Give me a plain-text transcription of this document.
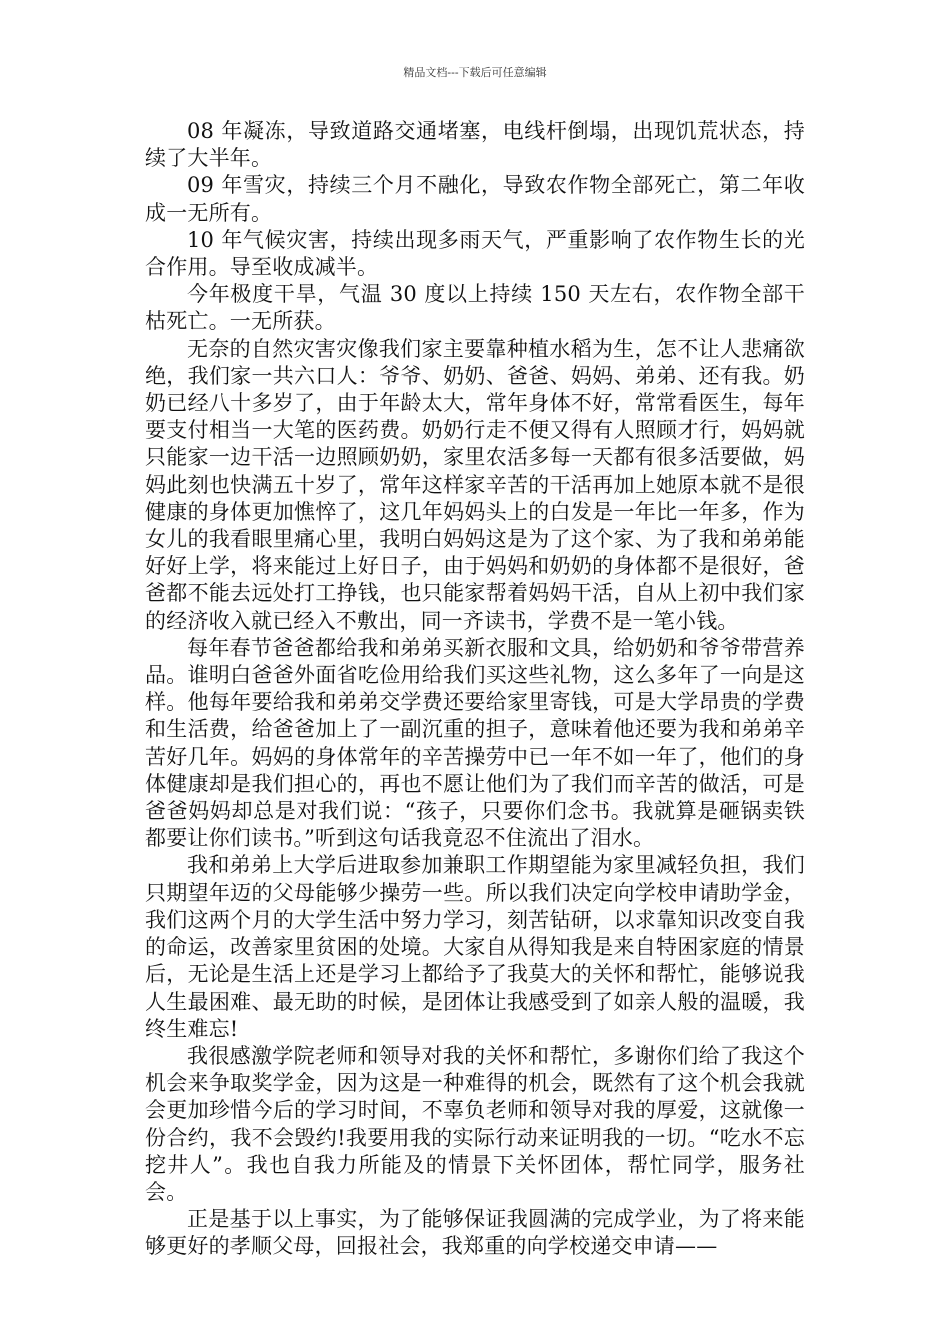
精品文档---下载后可任意编辑

08 年凝冻，导致道路交通堵塞，电线杆倒塌，出现饥荒状态，持续了大半年。

09 年雪灾，持续三个月不融化，导致农作物全部死亡，第二年收成一无所有。

10 年气候灾害，持续出现多雨天气，严重影响了农作物生长的光合作用。导至收成减半。

今年极度干旱，气温 30 度以上持续 150 天左右，农作物全部干枯死亡。一无所获。

无奈的自然灾害灾像我们家主要靠种植水稻为生，怎不让人悲痛欲绝，我们家一共六口人：爷爷、奶奶、爸爸、妈妈、弟弟、还有我。奶奶已经八十多岁了，由于年龄太大，常年身体不好，常常看医生，每年要支付相当一大笔的医药费。奶奶行走不便又得有人照顾才行，妈妈就只能家一边干活一边照顾奶奶，家里农活多每一天都有很多活要做，妈妈此刻也快满五十岁了，常年这样家辛苦的干活再加上她原本就不是很健康的身体更加憔悴了，这几年妈妈头上的白发是一年比一年多，作为女儿的我看眼里痛心里，我明白妈妈这是为了这个家、为了我和弟弟能好好上学，将来能过上好日子，由于妈妈和奶奶的身体都不是很好，爸爸都不能去远处打工挣钱，也只能家帮着妈妈干活，自从上初中我们家的经济收入就已经入不敷出，同一齐读书，学费不是一笔小钱。

每年春节爸爸都给我和弟弟买新衣服和文具，给奶奶和爷爷带营养品。谁明白爸爸外面省吃俭用给我们买这些礼物，这么多年了一向是这样。他每年要给我和弟弟交学费还要给家里寄钱，可是大学昂贵的学费和生活费，给爸爸加上了一副沉重的担子，意味着他还要为我和弟弟辛苦好几年。妈妈的身体常年的辛苦操劳中已一年不如一年了，他们的身体健康却是我们担心的，再也不愿让他们为了我们而辛苦的做活，可是爸爸妈妈却总是对我们说：“孩子，只要你们念书。我就算是砸锅卖铁都要让你们读书。”听到这句话我竟忍不住流出了泪水。

我和弟弟上大学后进取参加兼职工作期望能为家里减轻负担，我们只期望年迈的父母能够少操劳一些。所以我们决定向学校申请助学金，我们这两个月的大学生活中努力学习，刻苦钻研，以求靠知识改变自我的命运，改善家里贫困的处境。大家自从得知我是来自特困家庭的情景后，无论是生活上还是学习上都给予了我莫大的关怀和帮忙，能够说我人生最困难、最无助的时候，是团体让我感受到了如亲人般的温暖，我终生难忘!

我很感激学院老师和领导对我的关怀和帮忙，多谢你们给了我这个机会来争取奖学金，因为这是一种难得的机会，既然有了这个机会我就会更加珍惜今后的学习时间，不辜负老师和领导对我的厚爱，这就像一份合约，我不会毁约!我要用我的实际行动来证明我的一切。“吃水不忘挖井人”。我也自我力所能及的情景下关怀团体，帮忙同学，服务社会。

正是基于以上事实，为了能够保证我圆满的完成学业，为了将来能够更好的孝顺父母，回报社会，我郑重的向学校递交申请——
